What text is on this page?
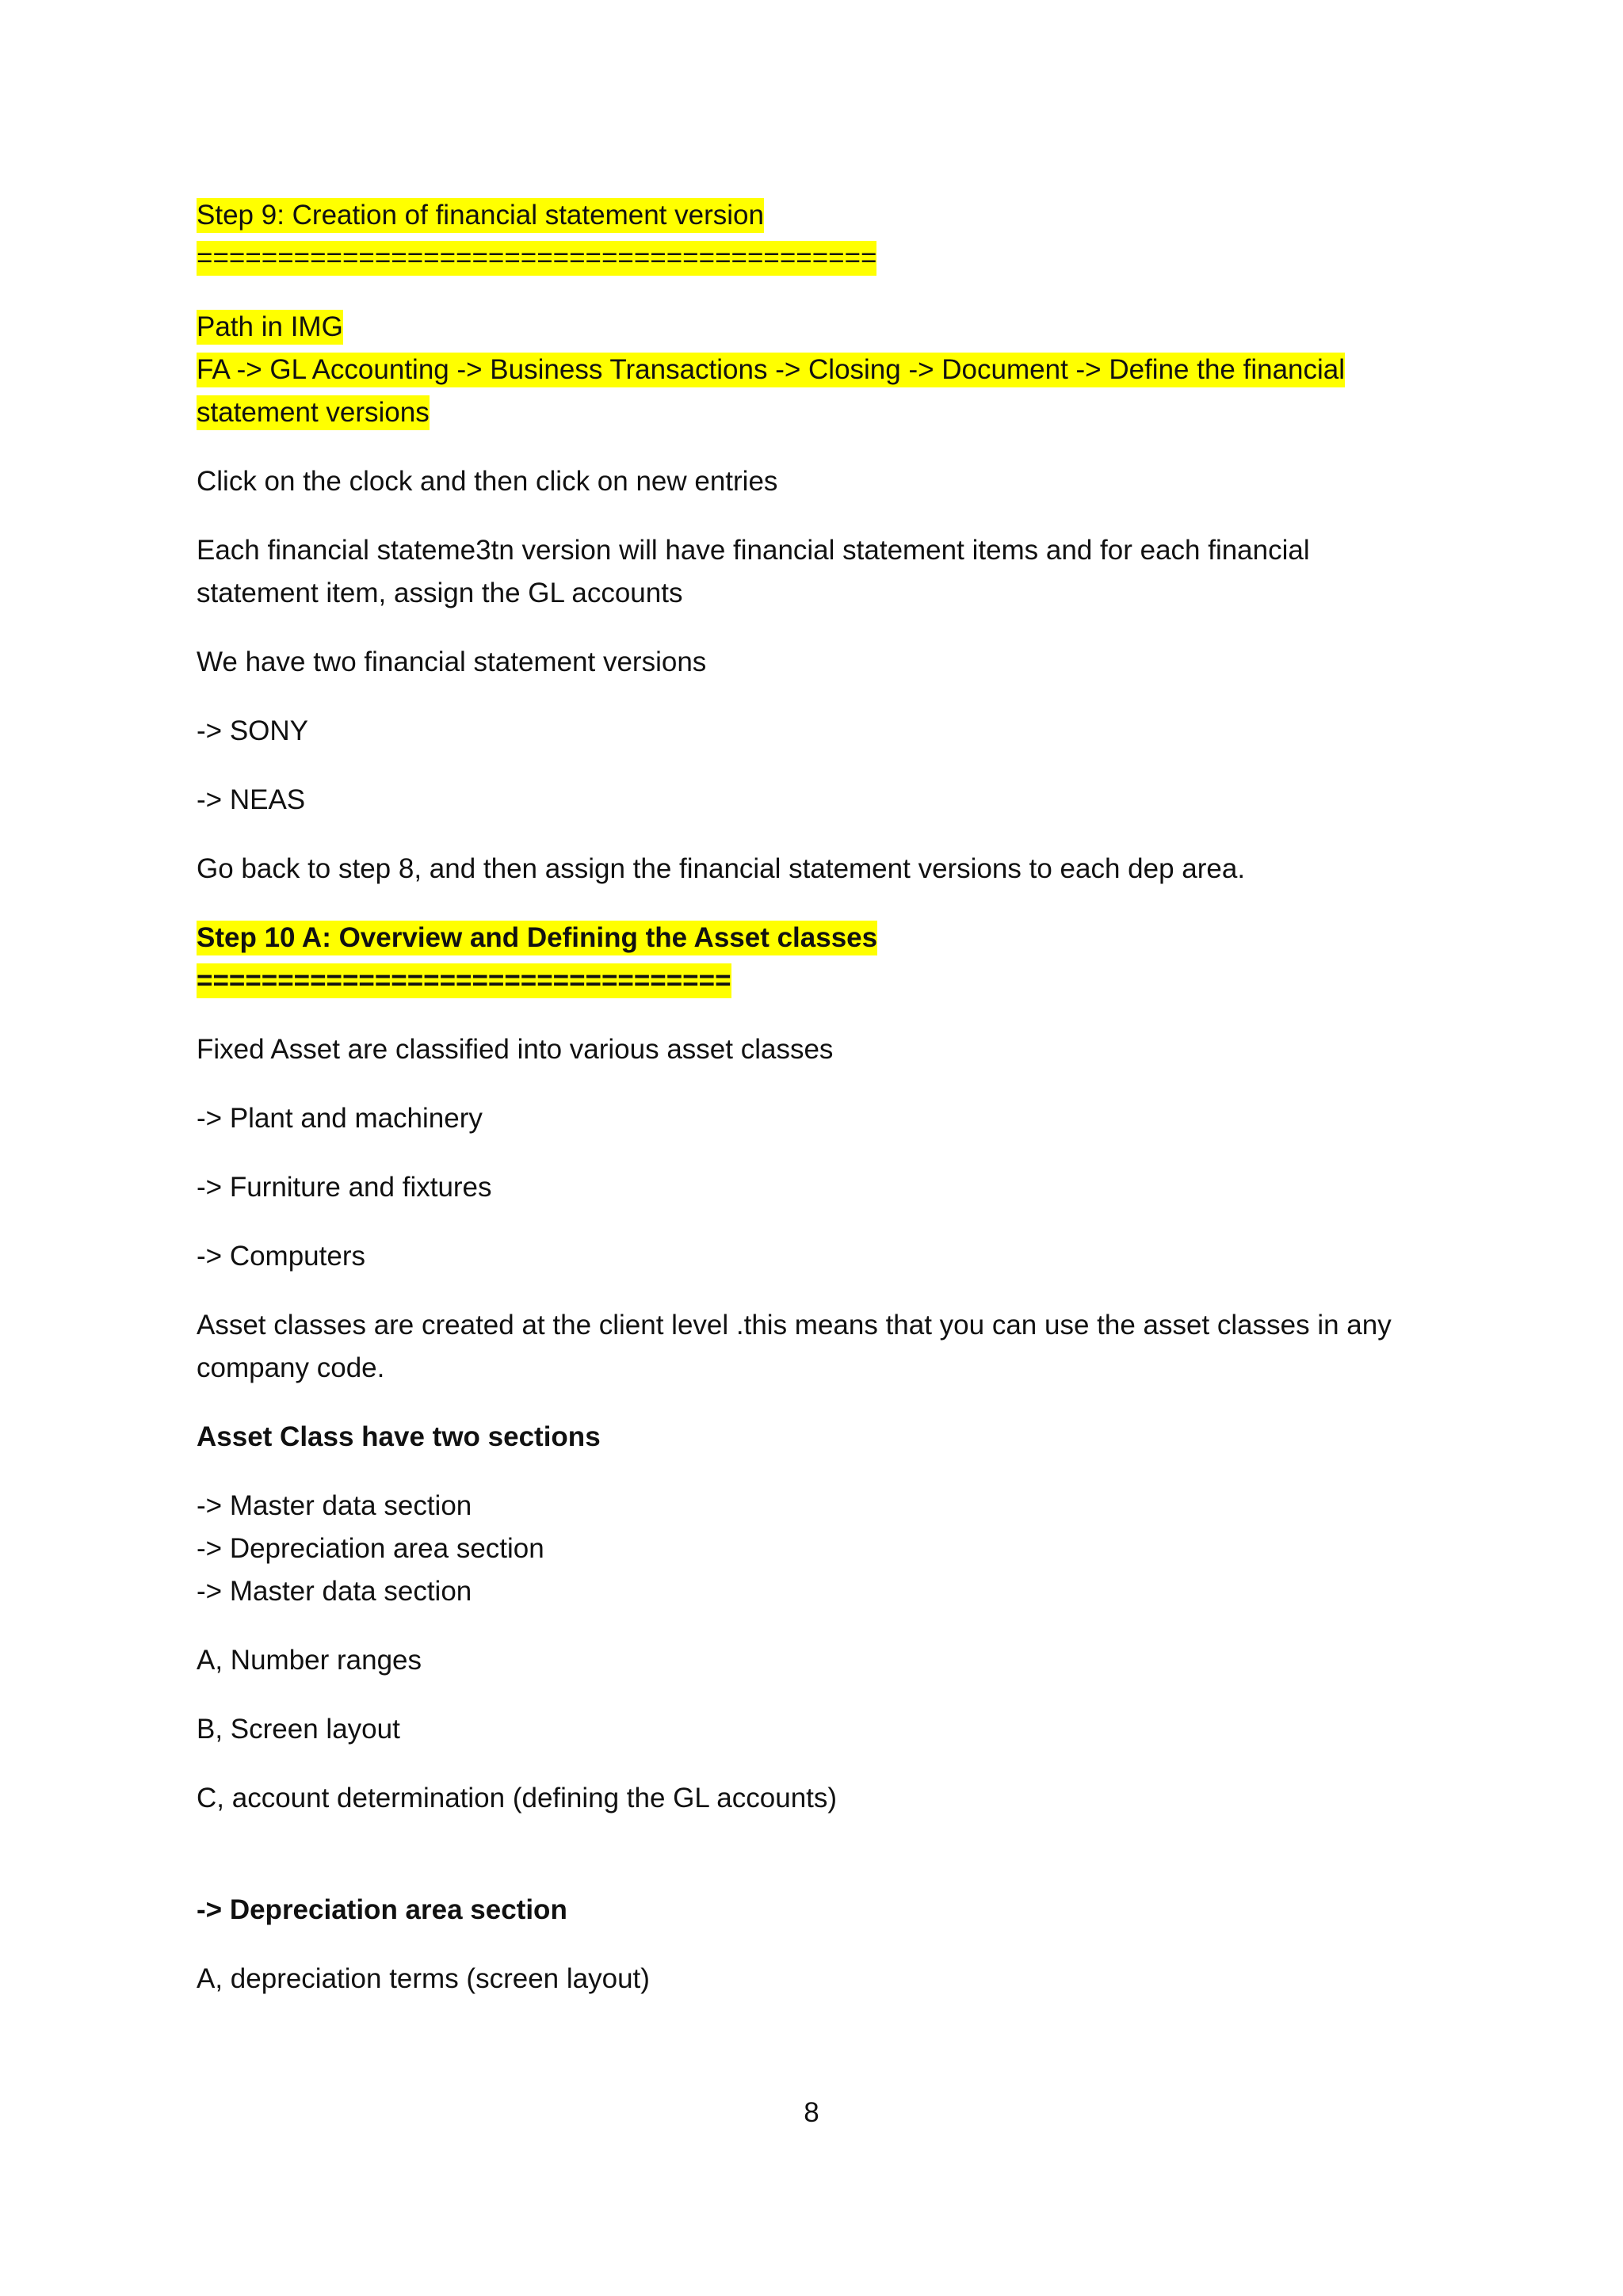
Step 9: Creation of financial statement version
==========================================
Path in IMG
FA -> GL Accounting -> Business Transactions -> Closing -> Document -> Define the financial
statement versions
Click on the clock and then click on new entries
Each financial stateme3tn version will have financial statement items and for each financial
statement item, assign the GL accounts
We have two financial statement versions
-> SONY
-> NEAS
Go back to step 8, and then assign the financial statement versions to each dep area.
Step 10 A: Overview and Defining the Asset classes
=================================
Fixed Asset are classified into various asset classes
-> Plant and machinery
-> Furniture and fixtures
-> Computers
Asset classes are created at the client level .this means that you can use the asset classes in any
company code.
Asset Class have two sections
-> Master data section
-> Depreciation area section
-> Master data section
A, Number ranges
B, Screen layout
C, account determination (defining the GL accounts)
-> Depreciation area section
A, depreciation terms (screen layout)
8
